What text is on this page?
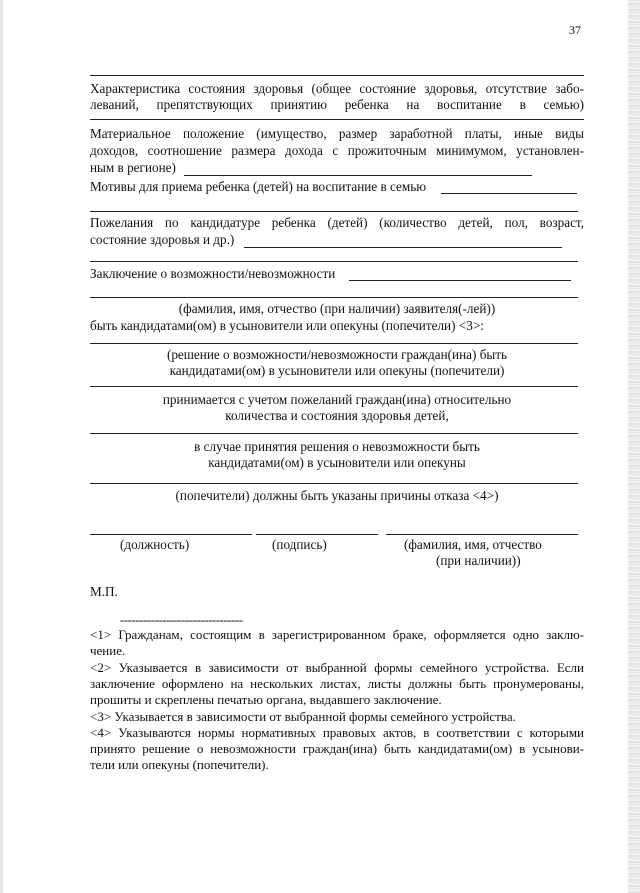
37
Характеристика состояния здоровья (общее состояние здоровья, отсутствие забо-
леваний, препятствующих принятию ребенка на воспитание в семью)
Материальное положение (имущество, размер заработной платы, иные виды
доходов, соотношение размера дохода с прожиточным минимумом, установлен-
ным в регионе)
Мотивы для приема ребенка (детей) на воспитание в семью
Пожелания по кандидатуре ребенка (детей) (количество детей, пол, возраст,
состояние здоровья и др.)
Заключение о возможности/невозможности
(фамилия, имя, отчество (при наличии) заявителя(-лей))
быть кандидатами(ом) в усыновители или опекуны (попечители) <3>:
(решение о возможности/невозможности граждан(ина) быть
кандидатами(ом) в усыновители или опекуны (попечители)
принимается с учетом пожеланий граждан(ина) относительно
количества и состояния здоровья детей,
в случае принятия решения о невозможности быть
кандидатами(ом) в усыновители или опекуны
(попечители) должны быть указаны причины отказа <4>)
(должность)	(подпись)	(фамилия, имя, отчество
(при наличии))
М.П.
--------------------------------
<1> Гражданам, состоящим в зарегистрированном браке, оформляется одно заклю-
чение.
<2> Указывается в зависимости от выбранной формы семейного устройства. Если
заключение оформлено на нескольких листах, листы должны быть пронумерованы,
прошиты и скреплены печатью органа, выдавшего заключение.
<3> Указывается в зависимости от выбранной формы семейного устройства.
<4> Указываются нормы нормативных правовых актов, в соответствии с которыми
принято решение о невозможности граждан(ина) быть кандидатами(ом) в усынови-
тели или опекуны (попечители).
